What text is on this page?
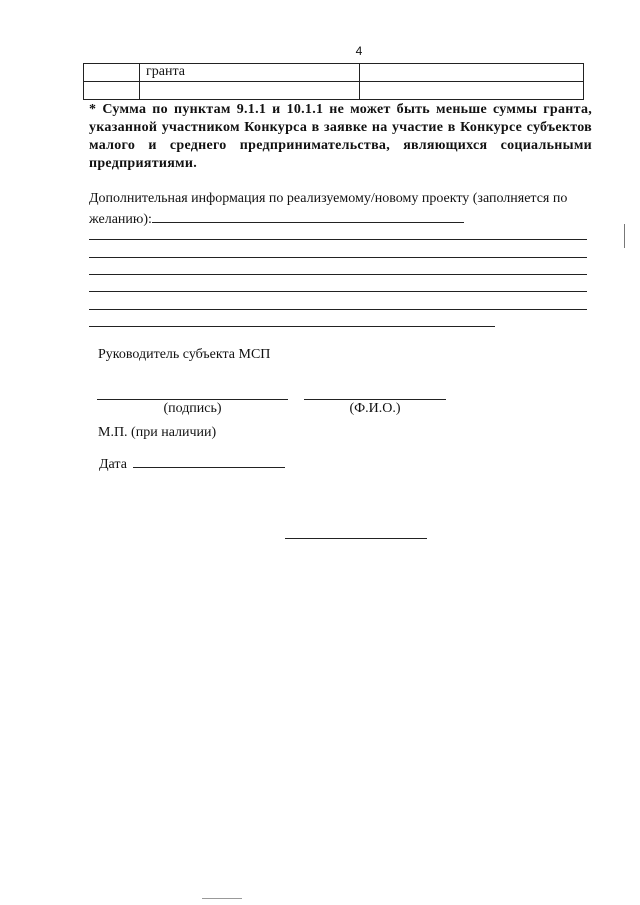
4
	гранта	

* Сумма по пунктам 9.1.1 и 10.1.1 не может быть меньше суммы гранта, указанной участником Конкурса в заявке на участие в Конкурсе субъектов малого и среднего предпринимательства, являющихся социальными предприятиями.

Дополнительная информация по реализуемому/новому проекту (заполняется по желанию):

Руководитель субъекта МСП

(подпись)	(Ф.И.О.)
М.П. (при наличии)
Дата
